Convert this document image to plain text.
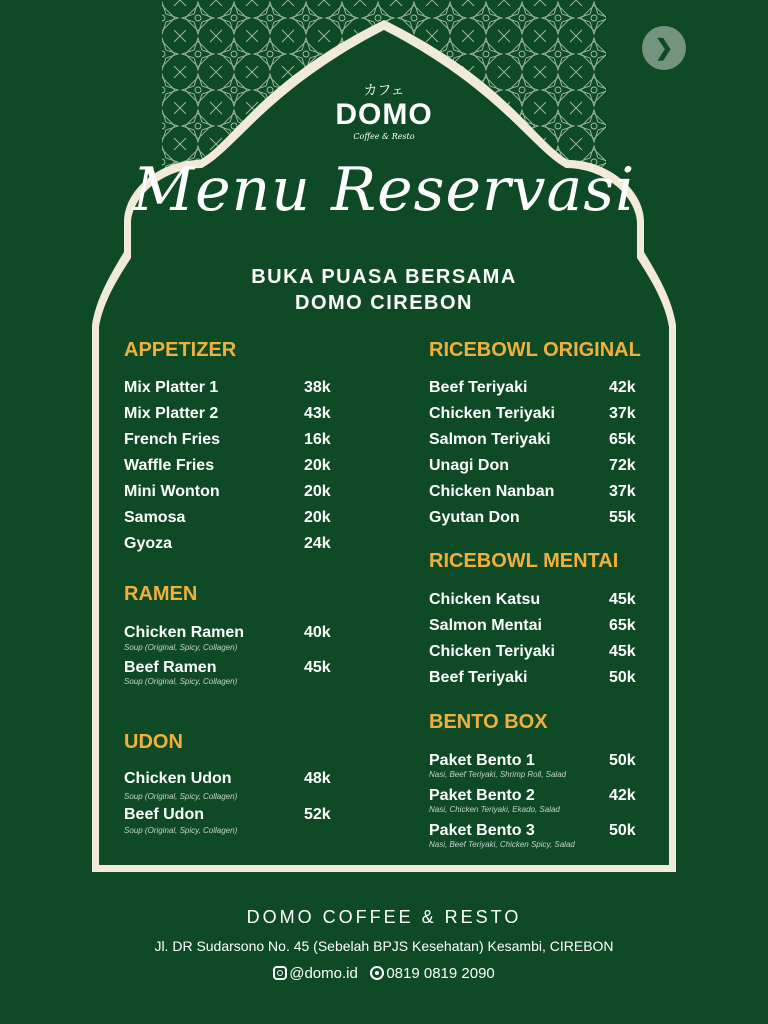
❯
カフェ
DOMO
Coffee & Resto
Menu Reservasi
BUKA PUASA BERSAMA
DOMO CIREBON
APPETIZER
Mix Platter 1	38k
Mix Platter 2	43k
French Fries	16k
Waffle Fries	20k
Mini Wonton	20k
Samosa	20k
Gyoza	24k
RAMEN
Chicken Ramen	40k
Soup (Original, Spicy, Collagen)
Beef Ramen	45k
Soup (Original, Spicy, Collagen)
UDON
Chicken Udon	48k
Soup (Original, Spicy, Collagen)
Beef Udon	52k
Soup (Original, Spicy, Collagen)
RICEBOWL ORIGINAL
Beef Teriyaki	42k
Chicken Teriyaki	37k
Salmon Teriyaki	65k
Unagi Don	72k
Chicken Nanban	37k
Gyutan Don	55k
RICEBOWL MENTAI
Chicken Katsu	45k
Salmon Mentai	65k
Chicken Teriyaki	45k
Beef Teriyaki	50k
BENTO BOX
Paket Bento 1	50k
Nasi, Beef Teriyaki, Shrimp Roll, Salad
Paket Bento 2	42k
Nasi, Chicken Teriyaki, Ekado, Salad
Paket Bento 3	50k
Nasi, Beef Teriyaki, Chicken Spicy, Salad
DOMO COFFEE & RESTO
Jl. DR Sudarsono No. 45 (Sebelah BPJS Kesehatan) Kesambi, CIREBON
@domo.id 0819 0819 2090
